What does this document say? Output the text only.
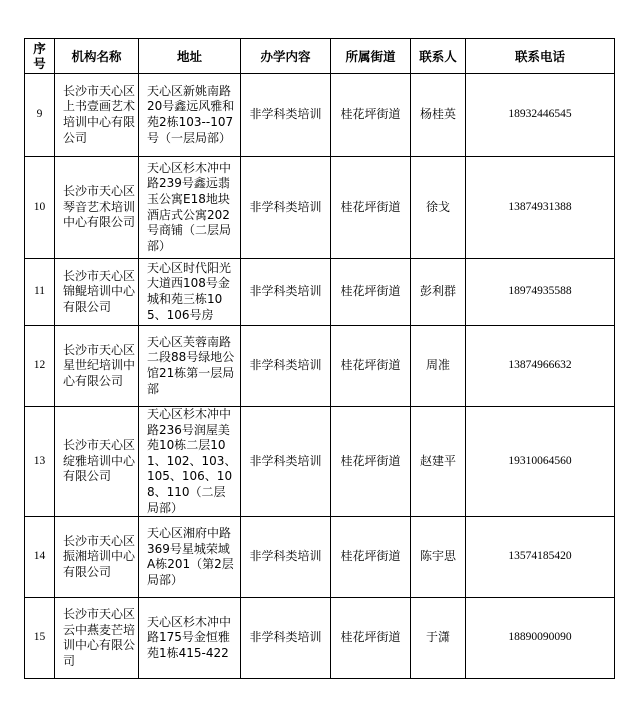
序号	机构名称	地址	办学内容	所属街道	联系人	联系电话
9	长沙市天心区上书壹画艺术培训中心有限公司	天心区新姚南路20号鑫远风雅和苑2栋103--107号（一层局部）	非学科类培训	桂花坪街道	杨桂英	18932446545
10	长沙市天心区琴音艺术培训中心有限公司	天心区杉木冲中路239号鑫远翡玉公寓E18地块酒店式公寓202号商铺（二层局部）	非学科类培训	桂花坪街道	徐戈	13874931388
11	长沙市天心区锦鲲培训中心有限公司	天心区时代阳光大道西108号金城和苑三栋105、106号房	非学科类培训	桂花坪街道	彭利群	18974935588
12	长沙市天心区星世纪培训中心有限公司	天心区芙蓉南路二段88号绿地公馆21栋第一层局部	非学科类培训	桂花坪街道	周准	13874966632
13	长沙市天心区绽雅培训中心有限公司	天心区杉木冲中路236号润屋美苑10栋二层101、102、103、105、106、108、110（二层局部）	非学科类培训	桂花坪街道	赵建平	19310064560
14	长沙市天心区振湘培训中心有限公司	天心区湘府中路369号星城荣域A栋201（第2层局部）	非学科类培训	桂花坪街道	陈宇思	13574185420
15	长沙市天心区云中燕麦芒培训中心有限公司	天心区杉木冲中路175号金恒雅苑1栋415-422	非学科类培训	桂花坪街道	于潇	18890090090
